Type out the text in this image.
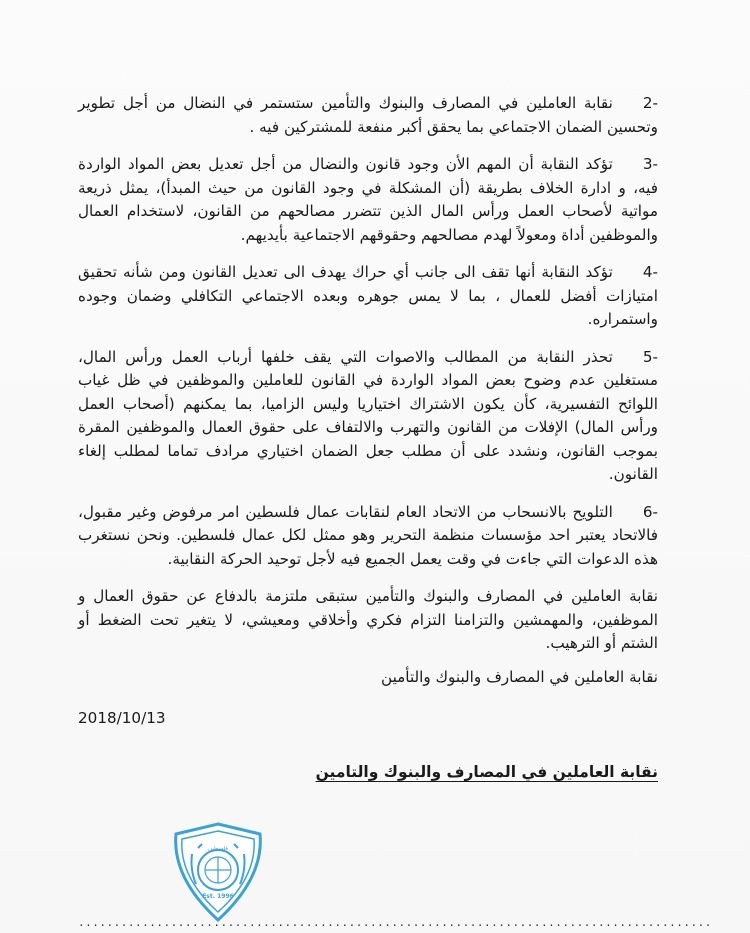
-2نقابة العاملين في المصارف والبنوك والتأمين ستستمر في النضال من أجل تطوير وتحسين الضمان الاجتماعي بما يحقق أكبر منفعة للمشتركين فيه .
-3تؤكد النقابة أن المهم الأن وجود قانون والنضال من أجل تعديل بعض المواد الواردة فيه، و ادارة الخلاف بطريقة (أن المشكلة في وجود القانون من حيث المبدأ)، يمثل ذريعة مواتية لأصحاب العمل ورأس المال الذين تتضرر مصالحهم من القانون، لاستخدام العمال والموظفين أداة ومعولاً لهدم مصالحهم وحقوقهم الاجتماعية بأيديهم.
-4تؤكد النقابة أنها تقف الى جانب أي حراك يهدف الى تعديل القانون ومن شأنه تحقيق امتيازات أفضل للعمال ، بما لا يمس جوهره وبعده الاجتماعي التكافلي وضمان وجوده واستمراره.
-5تحذر النقابة من المطالب والاصوات التي يقف خلفها أرباب العمل ورأس المال، مستغلين عدم وضوح بعض المواد الواردة في القانون للعاملين والموظفين في ظل غياب اللوائح التفسيرية، كأن يكون الاشتراك اختياريا وليس الزاميا، بما يمكنهم (أصحاب العمل ورأس المال) الإفلات من القانون والتهرب والالتفاف على حقوق العمال والموظفين المقرة بموجب القانون، ونشدد على أن مطلب جعل الضمان اختياري مرادف تماما لمطلب إلغاء القانون.
-6التلويح بالانسحاب من الاتحاد العام لنقابات عمال فلسطين امر مرفوض وغير مقبول، فالاتحاد يعتبر احد مؤسسات منظمة التحرير وهو ممثل لكل عمال فلسطين. ونحن نستغرب هذه الدعوات التي جاءت في وقت يعمل الجميع فيه لأجل توحيد الحركة النقابية.

نقابة العاملين في المصارف والبنوك والتأمين ستبقى ملتزمة بالدفاع عن حقوق العمال و الموظفين، والمهمشين والتزامنا التزام فكري وأخلاقي ومعيشي، لا يتغير تحت الضغط أو الشتم أو الترهيب.

نقابة العاملين في المصارف والبنوك والتأمين

2018/10/13

نقابة العاملين في المصارف والبنوك والتامين

فلسطين
Est. 1996
.........................................................................................
